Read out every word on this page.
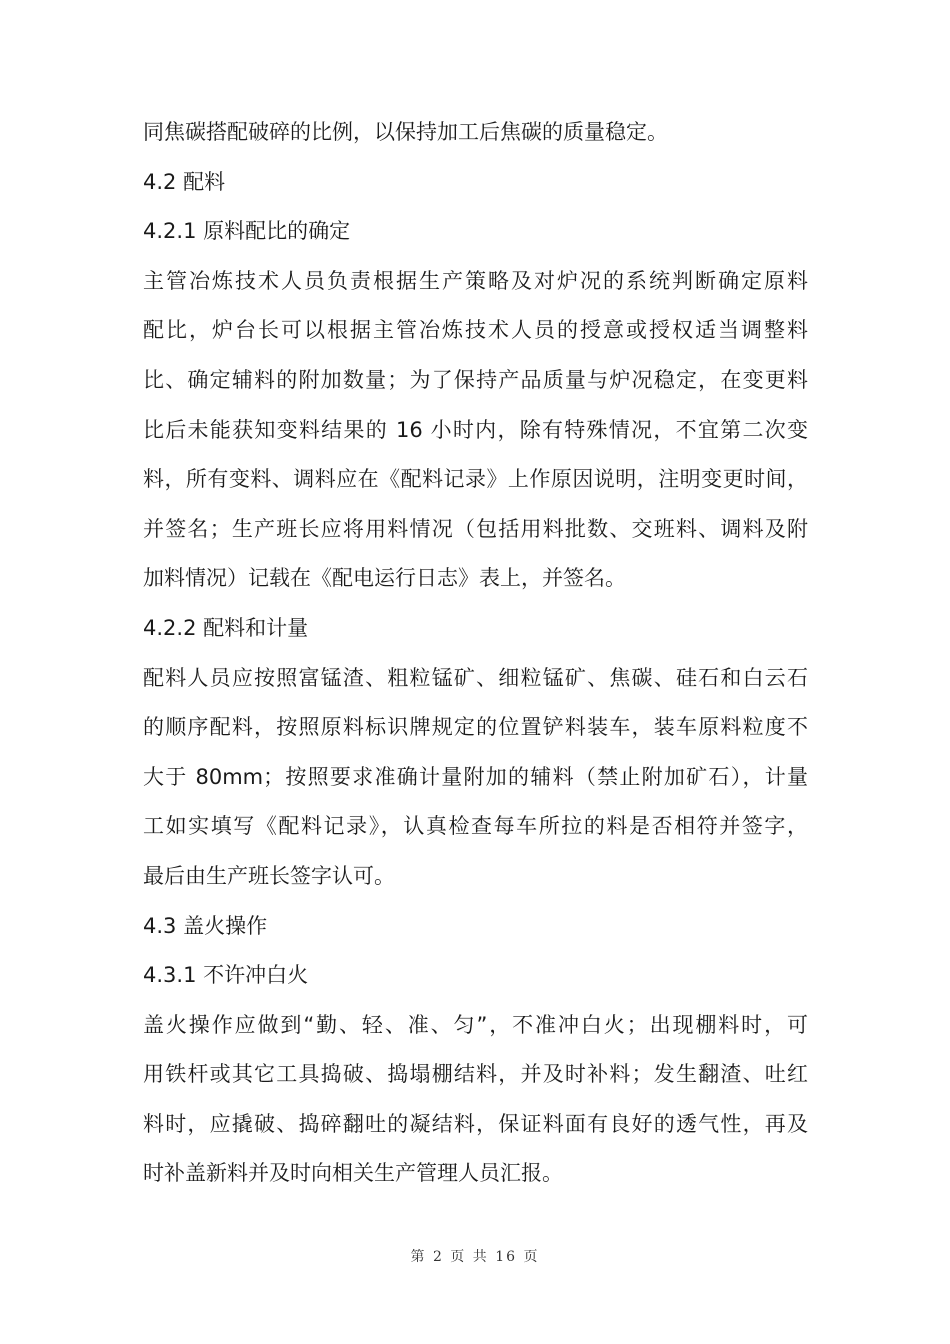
同焦碳搭配破碎的比例，以保持加工后焦碳的质量稳定。
4.2 配料
4.2.1 原料配比的确定
主管冶炼技术人员负责根据生产策略及对炉况的系统判断确定原料
配比，炉台长可以根据主管冶炼技术人员的授意或授权适当调整料
比、确定辅料的附加数量；为了保持产品质量与炉况稳定，在变更料
比后未能获知变料结果的 16 小时内，除有特殊情况，不宜第二次变
料，所有变料、调料应在《配料记录》上作原因说明，注明变更时间，
并签名；生产班长应将用料情况（包括用料批数、交班料、调料及附
加料情况）记载在《配电运行日志》表上，并签名。
4.2.2 配料和计量
配料人员应按照富锰渣、粗粒锰矿、细粒锰矿、焦碳、硅石和白云石
的顺序配料，按照原料标识牌规定的位置铲料装车，装车原料粒度不
大于 80mm；按照要求准确计量附加的辅料（禁止附加矿石），计量
工如实填写《配料记录》，认真检查每车所拉的料是否相符并签字，
最后由生产班长签字认可。
4.3 盖火操作
4.3.1 不许冲白火
盖火操作应做到“勤、轻、准、匀”，不准冲白火；出现棚料时，可
用铁杆或其它工具捣破、捣塌棚结料，并及时补料；发生翻渣、吐红
料时，应撬破、捣碎翻吐的凝结料，保证料面有良好的透气性，再及
时补盖新料并及时向相关生产管理人员汇报。
第 2 页 共 16 页
